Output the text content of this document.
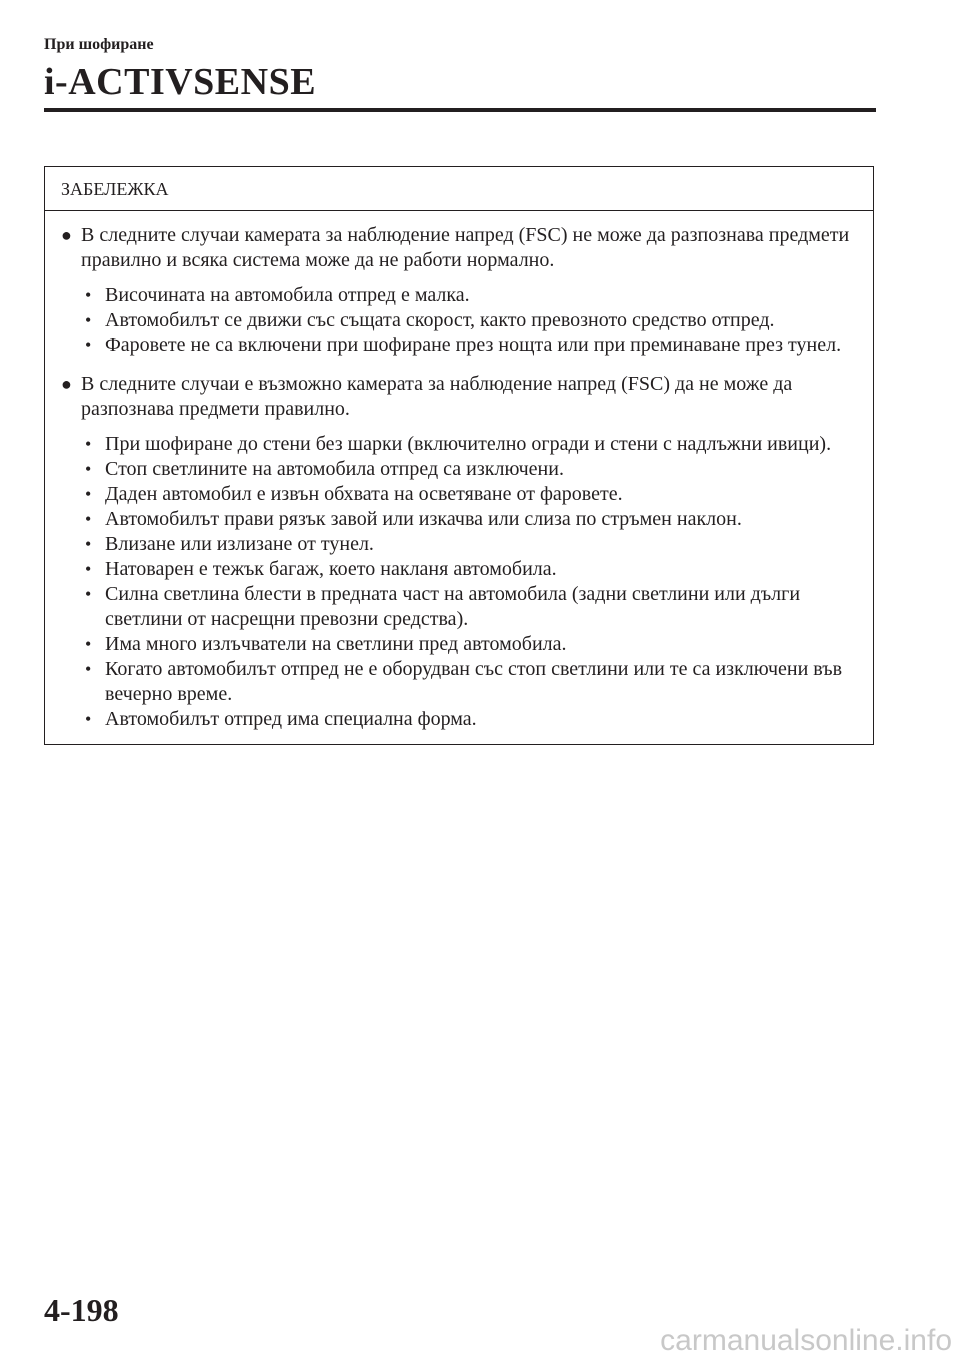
При шофиране

i-ACTIVSENSE
ЗАБЕЛЕЖКА
● В следните случаи камерата за наблюдение напред (FSC) не може да разпознава предмети правилно и всяка система може да не работи нормално.
• Височината на автомобила отпред е малка.
• Автомобилът се движи със същата скорост, както превозното средство отпред.
• Фаровете не са включени при шофиране през нощта или при преминаване през тунел.
● В следните случаи е възможно камерата за наблюдение напред (FSC) да не може да разпознава предмети правилно.
• При шофиране до стени без шарки (включително огради и стени с надлъжни ивици).
• Стоп светлините на автомобила отпред са изключени.
• Даден автомобил е извън обхвата на осветяване от фаровете.
• Автомобилът прави рязък завой или изкачва или слиза по стръмен наклон.
• Влизане или излизане от тунел.
• Натоварен е тежък багаж, което накланя автомобила.
• Силна светлина блести в предната част на автомобила (задни светлини или дълги светлини от насрещни превозни средства).
• Има много излъчватели на светлини пред автомобила.
• Когато автомобилът отпред не е оборудван със стоп светлини или те са изключени във вечерно време.
• Автомобилът отпред има специална форма.
4-198
carmanualsonline.info
